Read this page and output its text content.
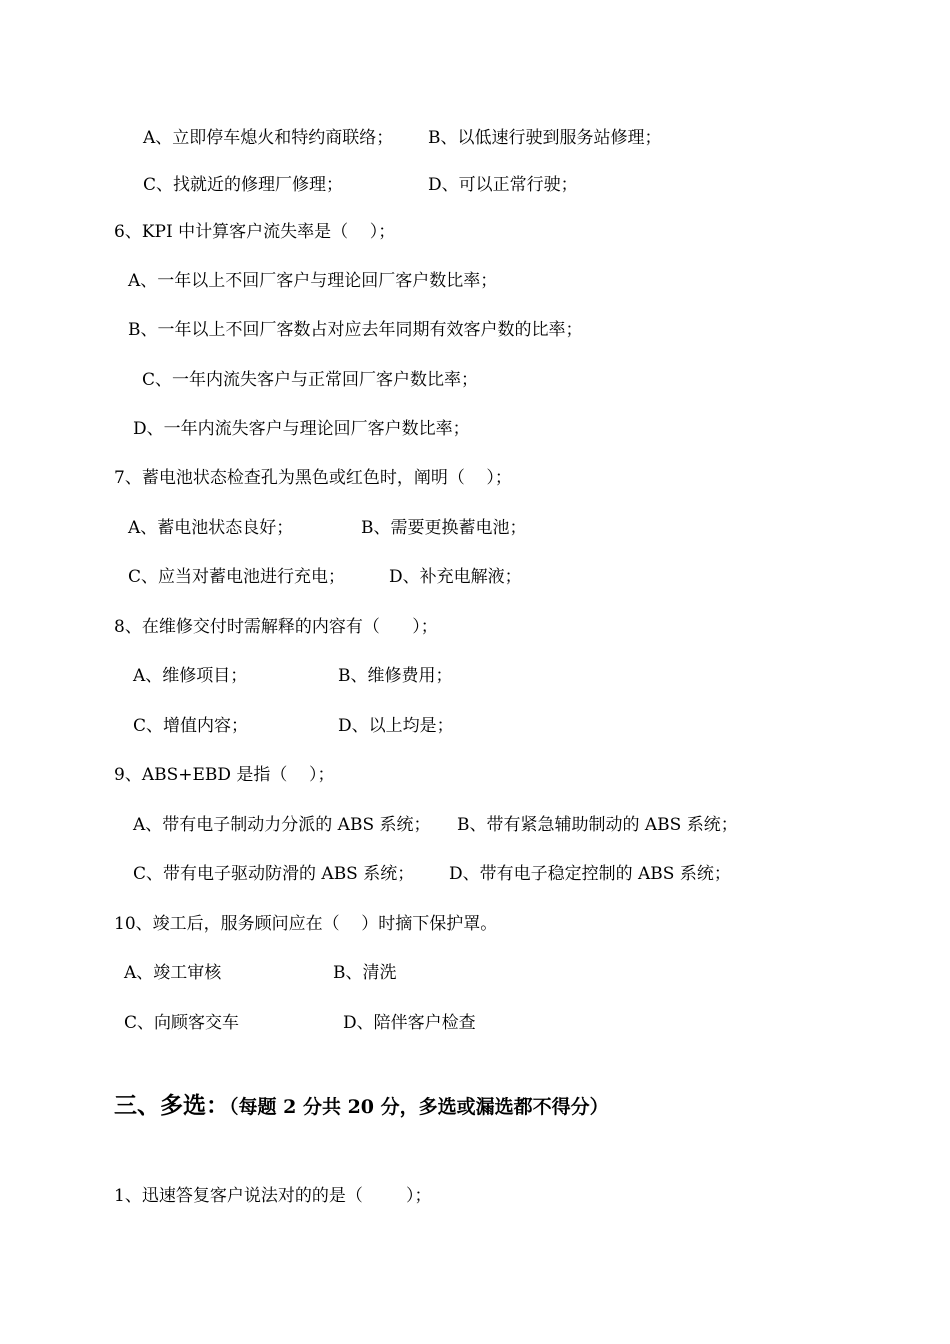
A、立即停车熄火和特约商联络； B、以低速行驶到服务站修理；

C、找就近的修理厂修理；	D、可以正常行驶；

6、KPI 中计算客户流失率是（    ）；

A、一年以上不回厂客户与理论回厂客户数比率；

B、一年以上不回厂客数占对应去年同期有效客户数的比率；

C、一年内流失客户与正常回厂客户数比率；

D、一年内流失客户与理论回厂客户数比率；

7、蓄电池状态检查孔为黑色或红色时，阐明（    ）；

A、蓄电池状态良好；	B、需要更换蓄电池；

C、应当对蓄电池进行充电；	D、补充电解液；

8、在维修交付时需解释的内容有（      ）；

A、维修项目；	B、维修费用；

C、增值内容；	D、以上均是；

9、ABS+EBD 是指（    ）；

A、带有电子制动力分派的 ABS 系统； B、带有紧急辅助制动的 ABS 系统；

C、带有电子驱动防滑的 ABS 系统； D、带有电子稳定控制的 ABS 系统；

10、竣工后，服务顾问应在（    ）时摘下保护罩。

A、竣工审核	B、清洗

C、向顾客交车	D、陪伴客户检查

三、多选：（每题 2 分共 20 分，多选或漏选都不得分）

1、迅速答复客户说法对的的是（        ）；
